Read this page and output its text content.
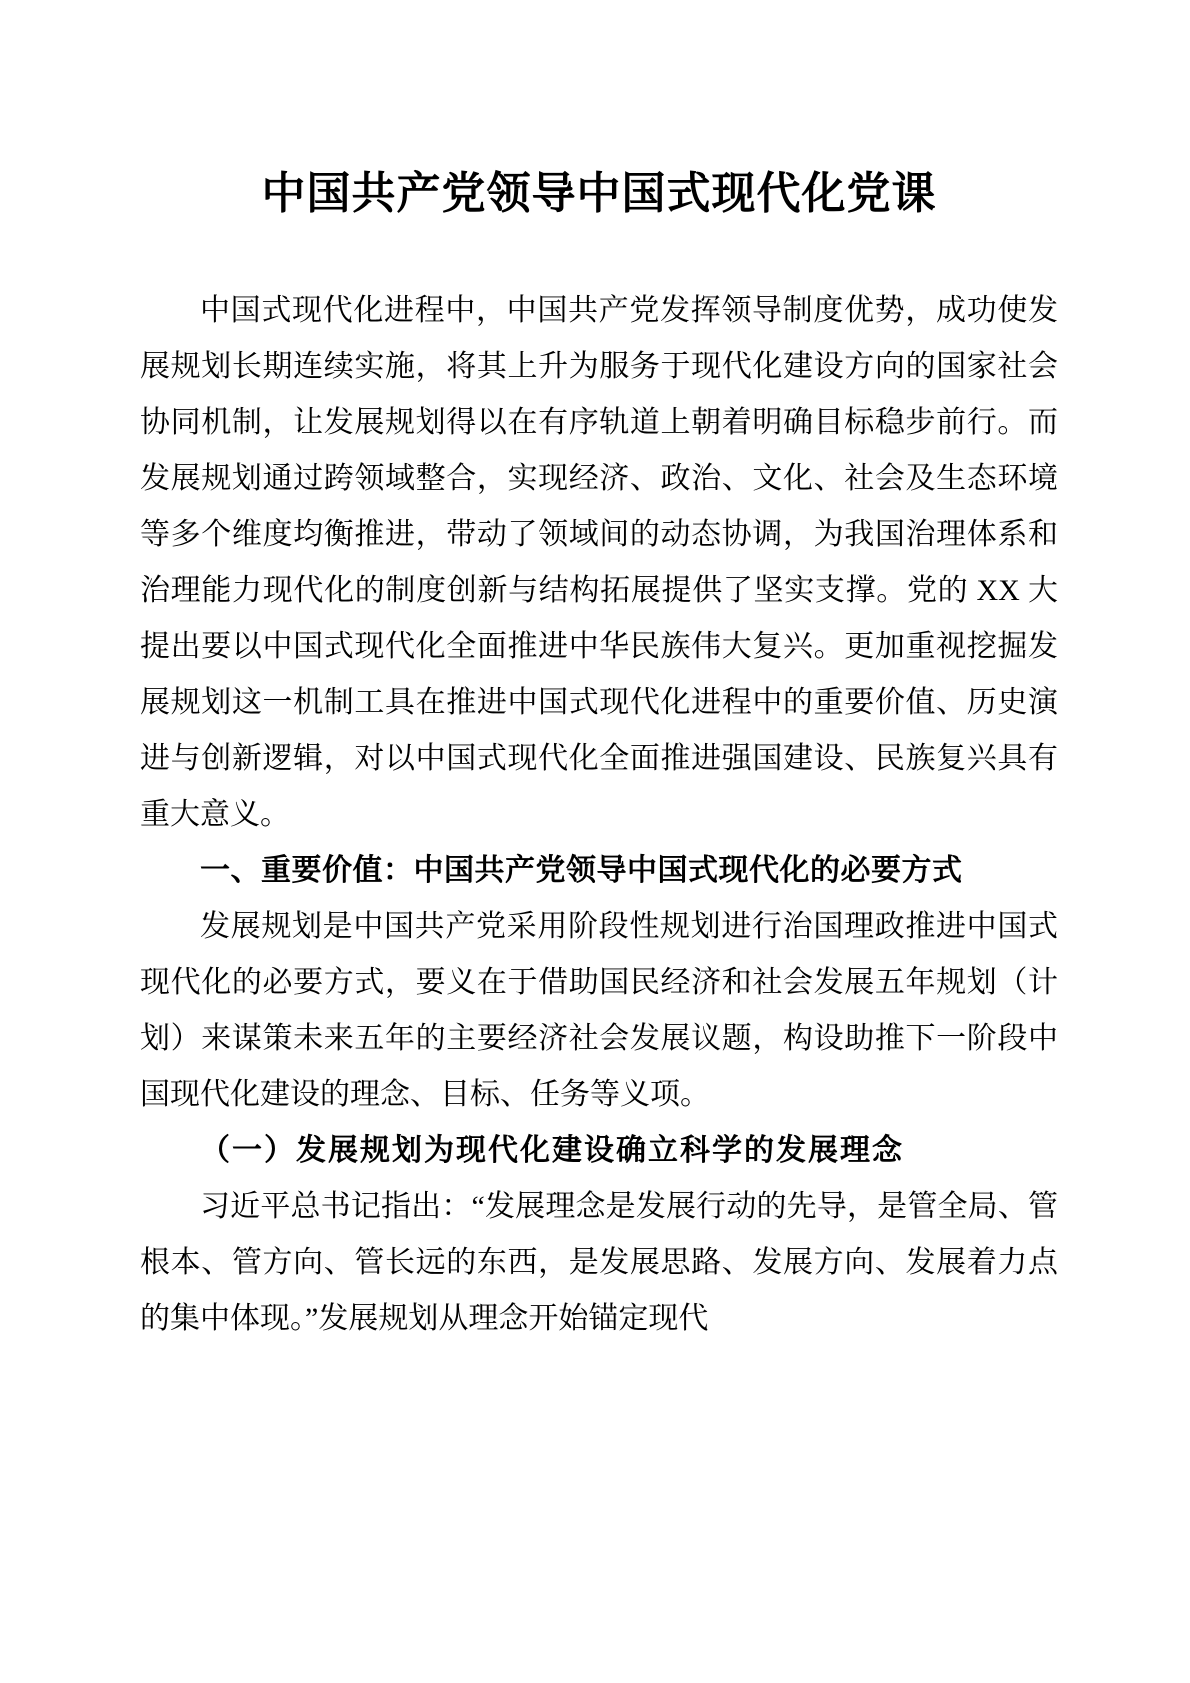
中国共产党领导中国式现代化党课

中国式现代化进程中，中国共产党发挥领导制度优势，成功使发展规划长期连续实施，将其上升为服务于现代化建设方向的国家社会协同机制，让发展规划得以在有序轨道上朝着明确目标稳步前行。而发展规划通过跨领域整合，实现经济、政治、文化、社会及生态环境等多个维度均衡推进，带动了领域间的动态协调，为我国治理体系和治理能力现代化的制度创新与结构拓展提供了坚实支撑。党的 XX 大提出要以中国式现代化全面推进中华民族伟大复兴。更加重视挖掘发展规划这一机制工具在推进中国式现代化进程中的重要价值、历史演进与创新逻辑，对以中国式现代化全面推进强国建设、民族复兴具有重大意义。

一、重要价值：中国共产党领导中国式现代化的必要方式

发展规划是中国共产党采用阶段性规划进行治国理政推进中国式现代化的必要方式，要义在于借助国民经济和社会发展五年规划（计划）来谋策未来五年的主要经济社会发展议题，构设助推下一阶段中国现代化建设的理念、目标、任务等义项。

（一）发展规划为现代化建设确立科学的发展理念

习近平总书记指出：“发展理念是发展行动的先导，是管全局、管根本、管方向、管长远的东西，是发展思路、发展方向、发展着力点的集中体现。”发展规划从理念开始锚定现代
